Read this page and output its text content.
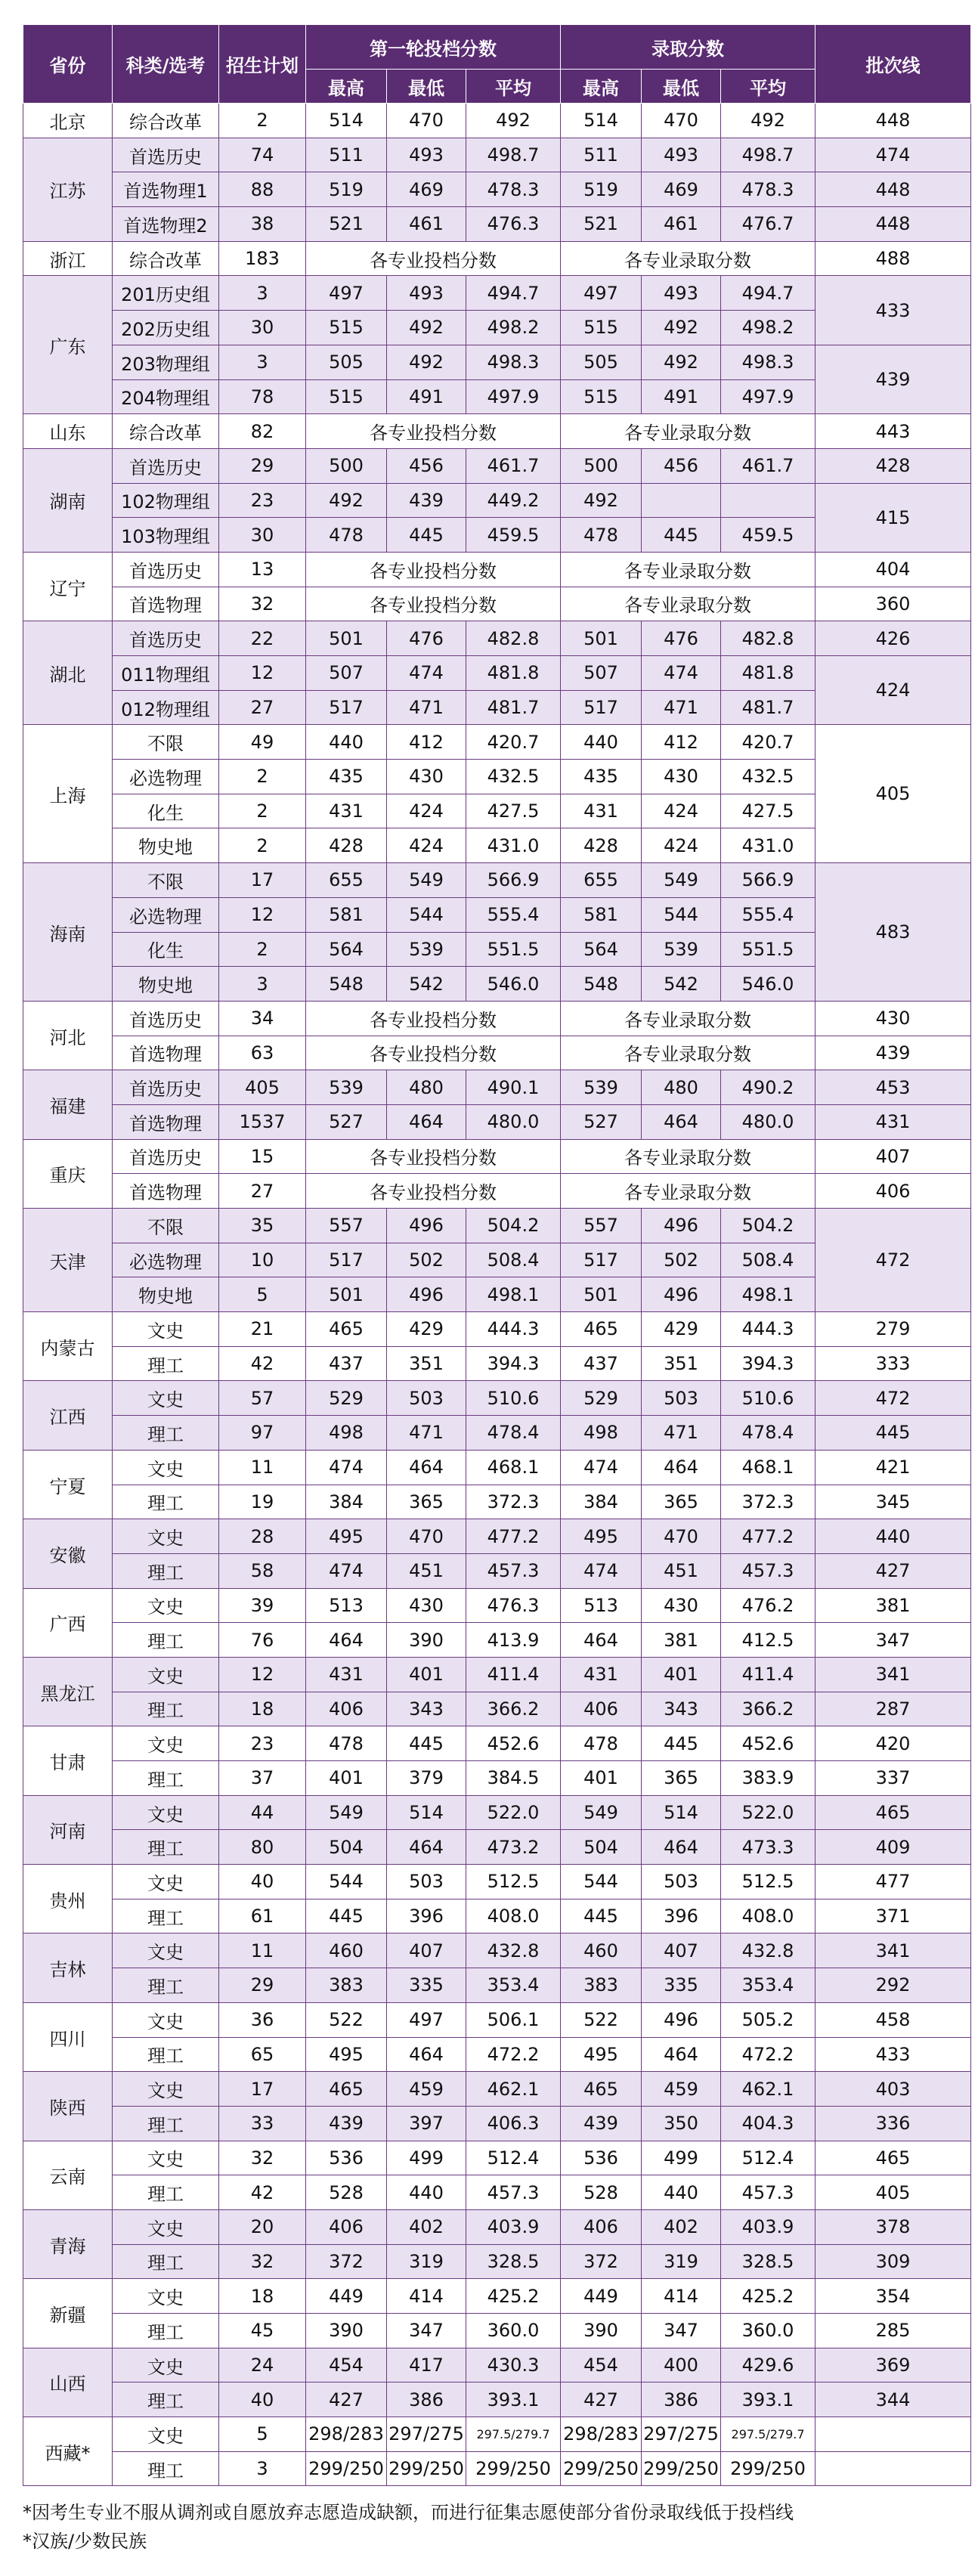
省份	科类/选考	招生计划	第一轮投档分数			录取分数			批次线
			最高	最低	平均	最高	最低	平均	
北京	综合改革	2	514	470	492	514	470	492	448
江苏	首选历史	74	511	493	498.7	511	493	498.7	474
	首选物理1	88	519	469	478.3	519	469	478.3	448
	首选物理2	38	521	461	476.3	521	461	476.7	448
浙江	综合改革	183	各专业投档分数			各专业录取分数			488
广东	201历史组	3	497	493	494.7	497	493	494.7	433
	202历史组	30	515	492	498.2	515	492	498.2	
	203物理组	3	505	492	498.3	505	492	498.3	439
	204物理组	78	515	491	497.9	515	491	497.9	
山东	综合改革	82	各专业投档分数			各专业录取分数			443
湖南	首选历史	29	500	456	461.7	500	456	461.7	428
	102物理组	23	492	439	449.2	492			415
	103物理组	30	478	445	459.5	478	445	459.5	
辽宁	首选历史	13	各专业投档分数			各专业录取分数			404
	首选物理	32	各专业投档分数			各专业录取分数			360
湖北	首选历史	22	501	476	482.8	501	476	482.8	426
	011物理组	12	507	474	481.8	507	474	481.8	424
	012物理组	27	517	471	481.7	517	471	481.7	
上海	不限	49	440	412	420.7	440	412	420.7	405
	必选物理	2	435	430	432.5	435	430	432.5	
	化生	2	431	424	427.5	431	424	427.5	
	物史地	2	428	424	431.0	428	424	431.0	
海南	不限	17	655	549	566.9	655	549	566.9	483
	必选物理	12	581	544	555.4	581	544	555.4	
	化生	2	564	539	551.5	564	539	551.5	
	物史地	3	548	542	546.0	548	542	546.0	
河北	首选历史	34	各专业投档分数			各专业录取分数			430
	首选物理	63	各专业投档分数			各专业录取分数			439
福建	首选历史	405	539	480	490.1	539	480	490.2	453
	首选物理	1537	527	464	480.0	527	464	480.0	431
重庆	首选历史	15	各专业投档分数			各专业录取分数			407
	首选物理	27	各专业投档分数			各专业录取分数			406
天津	不限	35	557	496	504.2	557	496	504.2	472
	必选物理	10	517	502	508.4	517	502	508.4	
	物史地	5	501	496	498.1	501	496	498.1	
内蒙古	文史	21	465	429	444.3	465	429	444.3	279
	理工	42	437	351	394.3	437	351	394.3	333
江西	文史	57	529	503	510.6	529	503	510.6	472
	理工	97	498	471	478.4	498	471	478.4	445
宁夏	文史	11	474	464	468.1	474	464	468.1	421
	理工	19	384	365	372.3	384	365	372.3	345
安徽	文史	28	495	470	477.2	495	470	477.2	440
	理工	58	474	451	457.3	474	451	457.3	427
广西	文史	39	513	430	476.3	513	430	476.2	381
	理工	76	464	390	413.9	464	381	412.5	347
黑龙江	文史	12	431	401	411.4	431	401	411.4	341
	理工	18	406	343	366.2	406	343	366.2	287
甘肃	文史	23	478	445	452.6	478	445	452.6	420
	理工	37	401	379	384.5	401	365	383.9	337
河南	文史	44	549	514	522.0	549	514	522.0	465
	理工	80	504	464	473.2	504	464	473.3	409
贵州	文史	40	544	503	512.5	544	503	512.5	477
	理工	61	445	396	408.0	445	396	408.0	371
吉林	文史	11	460	407	432.8	460	407	432.8	341
	理工	29	383	335	353.4	383	335	353.4	292
四川	文史	36	522	497	506.1	522	496	505.2	458
	理工	65	495	464	472.2	495	464	472.2	433
陕西	文史	17	465	459	462.1	465	459	462.1	403
	理工	33	439	397	406.3	439	350	404.3	336
云南	文史	32	536	499	512.4	536	499	512.4	465
	理工	42	528	440	457.3	528	440	457.3	405
青海	文史	20	406	402	403.9	406	402	403.9	378
	理工	32	372	319	328.5	372	319	328.5	309
新疆	文史	18	449	414	425.2	449	414	425.2	354
	理工	45	390	347	360.0	390	347	360.0	285
山西	文史	24	454	417	430.3	454	400	429.6	369
	理工	40	427	386	393.1	427	386	393.1	344
西藏*	文史	5	298/283	297/275	297.5/279.7	298/283	297/275	297.5/279.7	
	理工	3	299/250	299/250	299/250	299/250	299/250	299/250	
*因考生专业不服从调剂或自愿放弃志愿造成缺额，而进行征集志愿使部分省份录取线低于投档线
*汉族/少数民族
